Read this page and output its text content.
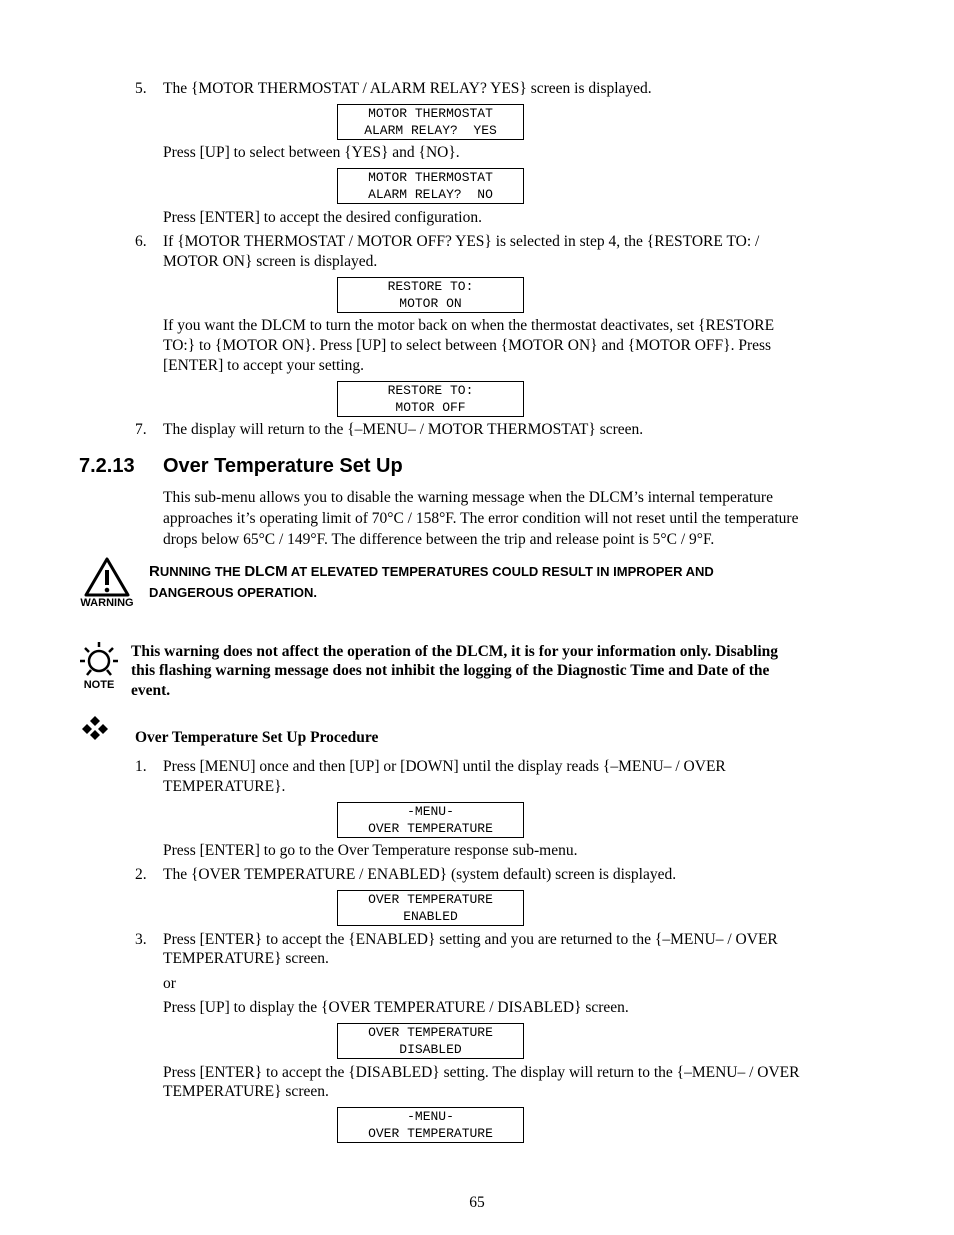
5.	The {MOTOR THERMOSTAT / ALARM RELAY? YES} screen is displayed.
MOTOR THERMOSTAT
ALARM RELAY?  YES
Press [UP] to select between {YES} and {NO}.
MOTOR THERMOSTAT
ALARM RELAY?  NO
Press [ENTER] to accept the desired configuration.
6.	If {MOTOR THERMOSTAT / MOTOR OFF? YES} is selected in step 4, the {RESTORE TO: /
MOTOR ON} screen is displayed.
RESTORE TO:
MOTOR ON
If you want the DLCM to turn the motor back on when the thermostat deactivates, set {RESTORE
TO:} to {MOTOR ON}. Press [UP] to select between {MOTOR ON} and {MOTOR OFF}. Press
[ENTER] to accept your setting.
RESTORE TO:
MOTOR OFF
7.	The display will return to the {–MENU– / MOTOR THERMOSTAT} screen.
7.2.13 Over Temperature Set Up
This sub-menu allows you to disable the warning message when the DLCM’s internal temperature
approaches it’s operating limit of 70°C / 158°F. The error condition will not reset until the temperature
drops below 65°C / 149°F. The difference between the trip and release point is 5°C / 9°F.
WARNING
RUNNING THE DLCM AT ELEVATED TEMPERATURES COULD RESULT IN IMPROPER AND
DANGEROUS OPERATION.
NOTE
This warning does not affect the operation of the DLCM, it is for your information only. Disabling
this flashing warning message does not inhibit the logging of the Diagnostic Time and Date of the
event.
Over Temperature Set Up Procedure
1.	Press [MENU] once and then [UP] or [DOWN] until the display reads {–MENU– / OVER
TEMPERATURE}.
-MENU-
OVER TEMPERATURE
Press [ENTER] to go to the Over Temperature response sub-menu.
2.	The {OVER TEMPERATURE / ENABLED} (system default) screen is displayed.
OVER TEMPERATURE
ENABLED
3.	Press [ENTER} to accept the {ENABLED} setting and you are returned to the {–MENU– / OVER
TEMPERATURE} screen.
or
Press [UP] to display the {OVER TEMPERATURE / DISABLED} screen.
OVER TEMPERATURE
DISABLED
Press [ENTER} to accept the {DISABLED} setting. The display will return to the {–MENU– / OVER
TEMPERATURE} screen.
-MENU-
OVER TEMPERATURE
65
